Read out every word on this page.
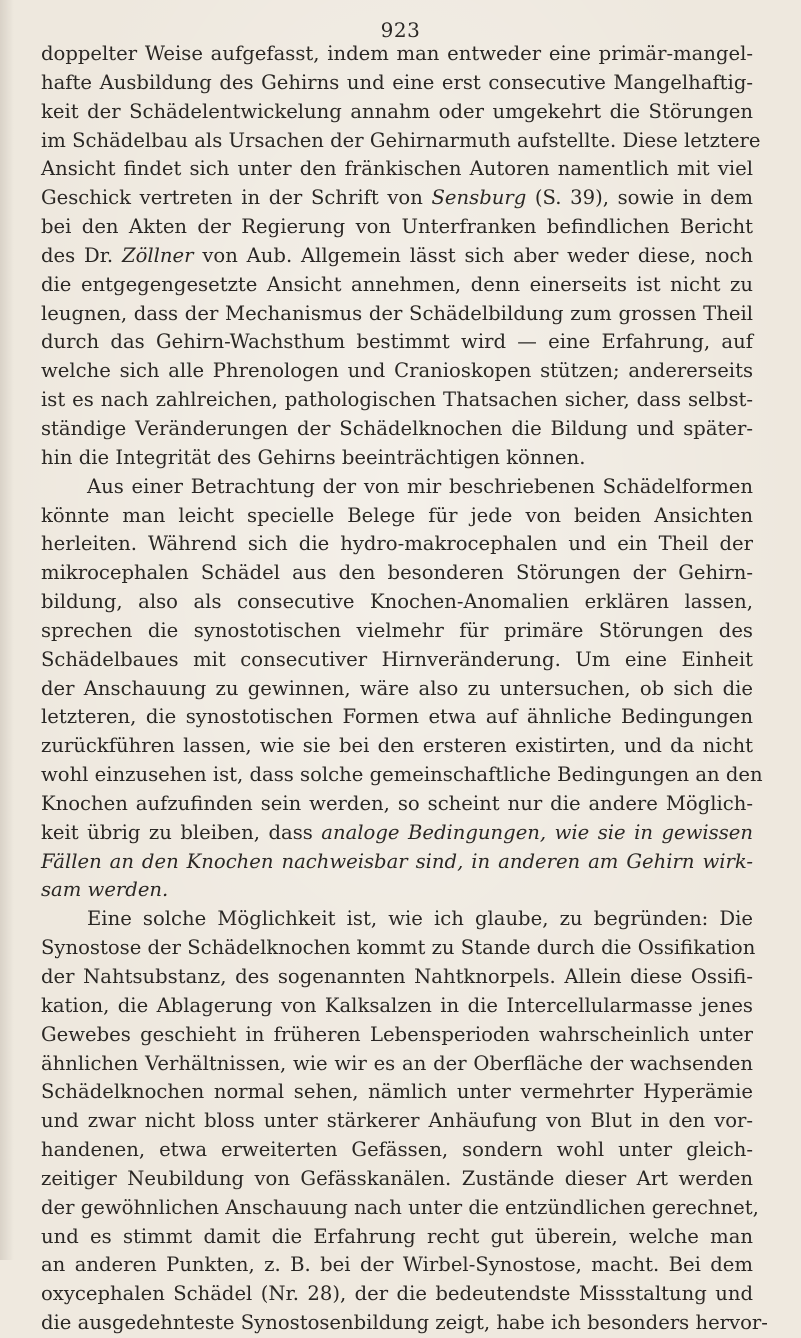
923
doppelter Weise aufgefasst, indem man entweder eine primär-mangel-
hafte Ausbildung des Gehirns und eine erst consecutive Mangelhaftig-
keit der Schädelentwickelung annahm oder umgekehrt die Störungen
im Schädelbau als Ursachen der Gehirnarmuth aufstellte. Diese letztere
Ansicht findet sich unter den fränkischen Autoren namentlich mit viel
Geschick vertreten in der Schrift von Sensburg (S. 39), sowie in dem
bei den Akten der Regierung von Unterfranken befindlichen Bericht
des Dr. Zöllner von Aub. Allgemein lässt sich aber weder diese, noch
die entgegengesetzte Ansicht annehmen, denn einerseits ist nicht zu
leugnen, dass der Mechanismus der Schädelbildung zum grossen Theil
durch das Gehirn-Wachsthum bestimmt wird — eine Erfahrung, auf
welche sich alle Phrenologen und Cranioskopen stützen; andererseits
ist es nach zahlreichen, pathologischen Thatsachen sicher, dass selbst-
ständige Veränderungen der Schädelknochen die Bildung und später-
hin die Integrität des Gehirns beeinträchtigen können.
Aus einer Betrachtung der von mir beschriebenen Schädelformen
könnte man leicht specielle Belege für jede von beiden Ansichten
herleiten. Während sich die hydro-makrocephalen und ein Theil der
mikrocephalen Schädel aus den besonderen Störungen der Gehirn-
bildung, also als consecutive Knochen-Anomalien erklären lassen,
sprechen die synostotischen vielmehr für primäre Störungen des
Schädelbaues mit consecutiver Hirnveränderung. Um eine Einheit
der Anschauung zu gewinnen, wäre also zu untersuchen, ob sich die
letzteren, die synostotischen Formen etwa auf ähnliche Bedingungen
zurückführen lassen, wie sie bei den ersteren existirten, und da nicht
wohl einzusehen ist, dass solche gemeinschaftliche Bedingungen an den
Knochen aufzufinden sein werden, so scheint nur die andere Möglich-
keit übrig zu bleiben, dass analoge Bedingungen, wie sie in gewissen
Fällen an den Knochen nachweisbar sind, in anderen am Gehirn wirk-
sam werden.
Eine solche Möglichkeit ist, wie ich glaube, zu begründen: Die
Synostose der Schädelknochen kommt zu Stande durch die Ossifikation
der Nahtsubstanz, des sogenannten Nahtknorpels. Allein diese Ossifi-
kation, die Ablagerung von Kalksalzen in die Intercellularmasse jenes
Gewebes geschieht in früheren Lebensperioden wahrscheinlich unter
ähnlichen Verhältnissen, wie wir es an der Oberfläche der wachsenden
Schädelknochen normal sehen, nämlich unter vermehrter Hyperämie
und zwar nicht bloss unter stärkerer Anhäufung von Blut in den vor-
handenen, etwa erweiterten Gefässen, sondern wohl unter gleich-
zeitiger Neubildung von Gefässkanälen. Zustände dieser Art werden
der gewöhnlichen Anschauung nach unter die entzündlichen gerechnet,
und es stimmt damit die Erfahrung recht gut überein, welche man
an anderen Punkten, z. B. bei der Wirbel-Synostose, macht. Bei dem
oxycephalen Schädel (Nr. 28), der die bedeutendste Missstaltung und
die ausgedehnteste Synostosenbildung zeigt, habe ich besonders hervor-
